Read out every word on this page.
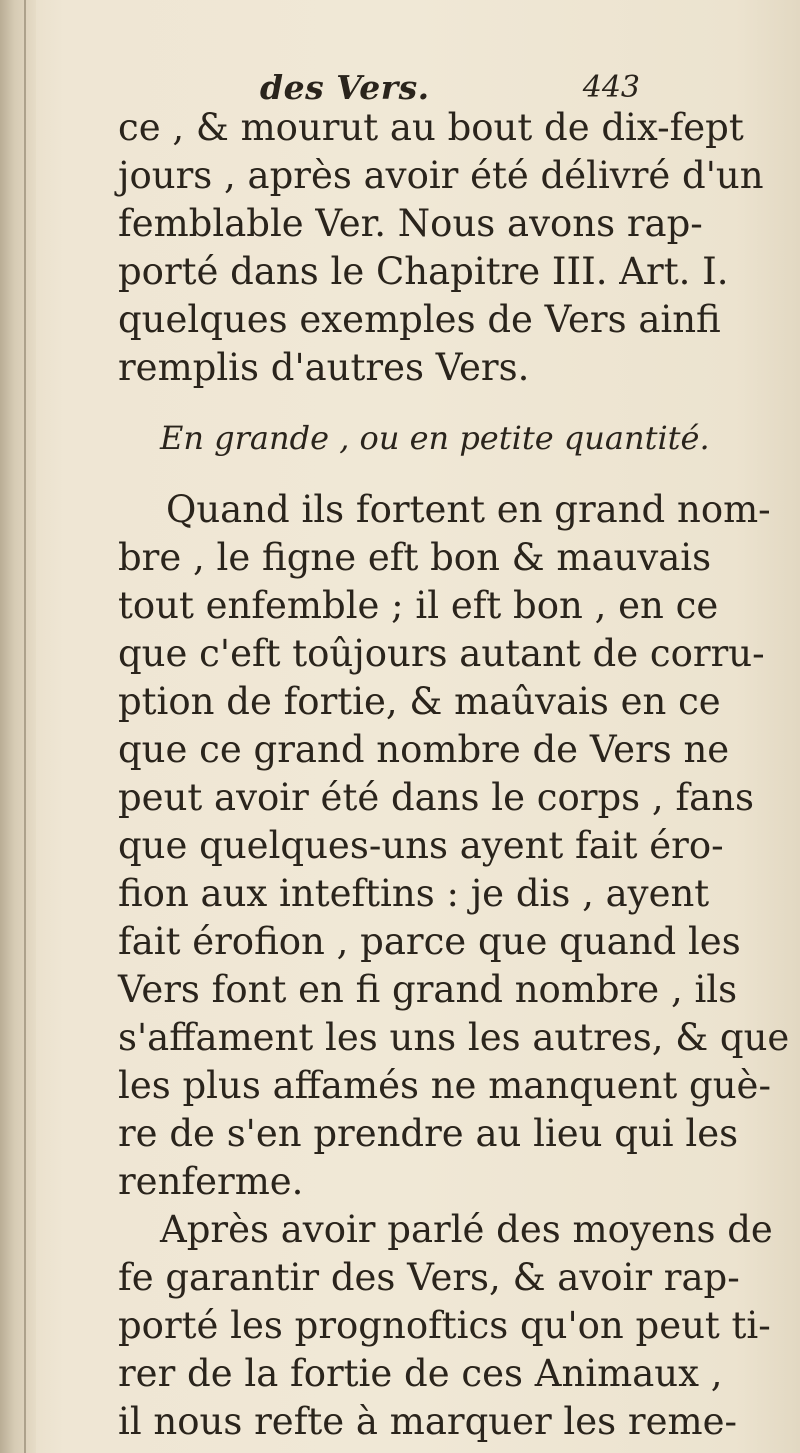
des Vers.	443
ce , & mourut au bout de dix-fept
jours , après avoir été délivré d'un
femblable Ver. Nous avons rap-
porté dans le Chapitre III. Art. I.
quelques exemples de Vers ainfi
remplis d'autres Vers.
En grande , ou en petite quantité.
Quand ils fortent en grand nom-
bre , le figne eft bon & mauvais
tout enfemble ; il eft bon , en ce
que c'eft toûjours autant de corru-
ption de fortie, & maûvais en ce
que ce grand nombre de Vers ne
peut avoir été dans le corps , fans
que quelques-uns ayent fait éro-
fion aux inteftins : je dis , ayent
fait érofion , parce que quand les
Vers font en fi grand nombre , ils
s'affament les uns les autres, & que
les plus affamés ne manquent guè-
re de s'en prendre au lieu qui les
renferme.
Après avoir parlé des moyens de
fe garantir des Vers, & avoir rap-
porté les prognoftics qu'on peut ti-
rer de la fortie de ces Animaux ,
il nous refte à marquer les reme-
